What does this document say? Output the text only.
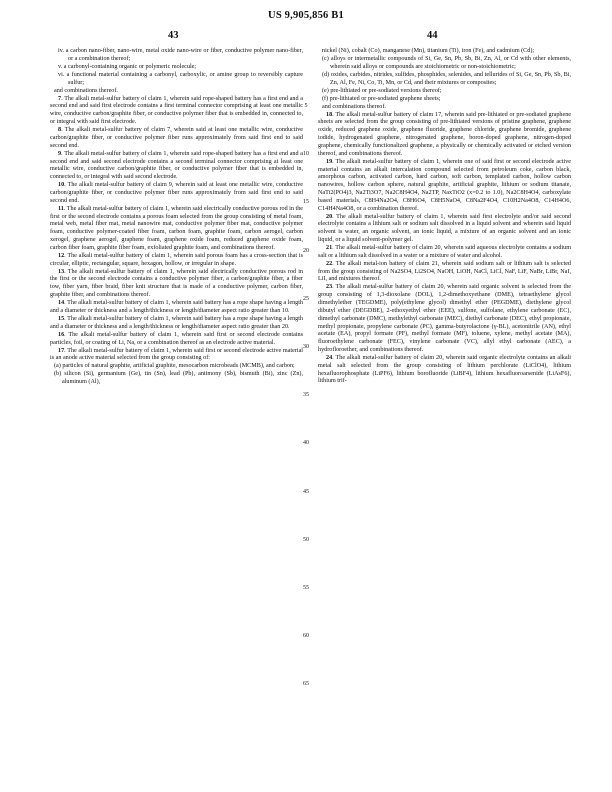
US 9,905,856 B1
43	44

iv. a carbon nano-fiber, nano-wire, metal oxide nano-wire or fiber, conductive polymer nano-fiber, or a combination thereof;

v. a carbonyl-containing organic or polymeric molecule;

vi. a functional material containing a carbonyl, carboxylic, or amine group to reversibly capture sulfur;

and combinations thereof.

7. The alkali metal-sulfur battery of claim 1, wherein said rope-shaped battery has a first end and a second end and said first electrode contains a first terminal connector comprising at least one metallic wire, conductive carbon/graphite fiber, or conductive polymer fiber that is embedded in, connected to, or integral with said first electrode.

8. The alkali metal-sulfur battery of claim 7, wherein said at least one metallic wire, conductive carbon/graphite fiber, or conductive polymer fiber runs approximately from said first end to said second end.

9. The alkali metal-sulfur battery of claim 1, wherein said rope-shaped battery has a first end and a second end and said second electrode contains a second terminal connector comprising at least one metallic wire, conductive carbon/graphite fiber, or conductive polymer fiber that is embedded in, connected to, or integral with said second electrode.

10. The alkali metal-sulfur battery of claim 9, wherein said at least one metallic wire, conductive carbon/graphite fiber, or conductive polymer fiber runs approximately from said first end to said second end.

11. The alkali metal-sulfur battery of claim 1, wherein said electrically conductive porous rod in the first or the second electrode contains a porous foam selected from the group consisting of metal foam, metal web, metal fiber mat, metal nanowire mat, conductive polymer fiber mat, conductive polymer foam, conductive polymer-coated fiber foam, carbon foam, graphite foam, carbon aerogel, carbon xerogel, graphene aerogel, graphene foam, graphene oxide foam, reduced graphene oxide foam, carbon fiber foam, graphite fiber foam, exfoliated graphite foam, and combinations thereof.

12. The alkali metal-sulfur battery of claim 1, wherein said porous foam has a cross-section that is circular, elliptic, rectangular, square, hexagon, hollow, or irregular in shape.

13. The alkali metal-sulfur battery of claim 1, wherein said electrically conductive porous rod in the first or the second electrode contains a conductive polymer fiber, a carbon/graphite fiber, a fiber tow, fiber yarn, fiber braid, fiber knit structure that is made of a conductive polymer, carbon fiber, graphite fiber, and combinations thereof.

14. The alkali metal-sulfur battery of claim 1, wherein said battery has a rope shape having a length and a diameter or thickness and a length/thickness or length/diameter aspect ratio greater than 10.

15. The alkali metal-sulfur battery of claim 1, wherein said battery has a rope shape having a length and a diameter or thickness and a length/thickness or length/diameter aspect ratio greater than 20.

16. The alkali metal-sulfur battery of claim 1, wherein said first or second electrode contains particles, foil, or coating of Li, Na, or a combination thereof as an electrode active material.

17. The alkali metal-sulfur battery of claim 1, wherein said first or second electrode active material is an anode active material selected from the group consisting of:

(a) particles of natural graphite, artificial graphite, mesocarbon microbeads (MCMB), and carbon;

(b) silicon (Si), germanium (Ge), tin (Sn), lead (Pb), antimony (Sb), bismuth (Bi), zinc (Zn), aluminum (Al),

nickel (Ni), cobalt (Co), manganese (Mn), titanium (Ti), iron (Fe), and cadmium (Cd);

(c) alloys or intermetallic compounds of Si, Ge, Sn, Pb, Sb, Bi, Zn, Al, or Cd with other elements, wherein said alloys or compounds are stoichiometric or non-stoichiometric;

(d) oxides, carbides, nitrides, sulfides, phosphides, selenides, and tellurides of Si, Ge, Sn, Pb, Sb, Bi, Zn, Al, Fe, Ni, Co, Ti, Mn, or Cd, and their mixtures or composites;

(e) pre-lithiated or pre-sodiated versions thereof;

(f) pre-lithiated or pre-sodiated graphene sheets;

and combinations thereof.

18. The alkali metal-sulfur battery of claim 17, wherein said pre-lithiated or pre-sodiated graphene sheets are selected from the group consisting of pre-lithiated versions of pristine graphene, graphene oxide, reduced graphene oxide, graphene fluoride, graphene chloride, graphene bromide, graphene iodide, hydrogenated graphene, nitrogenated graphene, boron-doped graphene, nitrogen-doped graphene, chemically functionalized graphene, a physically or chemically activated or etched version thereof, and combinations thereof.

19. The alkali metal-sulfur battery of claim 1, wherein one of said first or second electrode active material contains an alkali intercalation compound selected from petroleum coke, carbon black, amorphous carbon, activated carbon, hard carbon, soft carbon, templated carbon, hollow carbon nanowires, hollow carbon sphere, natural graphite, artificial graphite, lithium or sodium titanate, NaTi2(PO4)3, Na2Ti3O7, Na2C8H4O4, Na2TP, NaxTiO2 (x=0.2 to 1.0), Na2C8H4O4, carboxylate based materials, C8H4Na2O4, C8H6O4, C8H5NaO4, C8Na2F4O4, C10H2Na4O8, C14H4O6, C14H4Na4O8, or a combination thereof.

20. The alkali metal-sulfur battery of claim 1, wherein said first electrolyte and/or said second electrolyte contains a lithium salt or sodium salt dissolved in a liquid solvent and wherein said liquid solvent is water, an organic solvent, an ionic liquid, a mixture of an organic solvent and an ionic liquid, or a liquid solvent-polymer gel.

21. The alkali metal-sulfur battery of claim 20, wherein said aqueous electrolyte contains a sodium salt or a lithium salt dissolved in a water or a mixture of water and alcohol.

22. The alkali metal-ion battery of claim 21, wherein said sodium salt or lithium salt is selected from the group consisting of Na2SO4, Li2SO4, NaOH, LiOH, NaCl, LiCl, NaF, LiF, NaBr, LiBr, NaI, LiI, and mixtures thereof.

23. The alkali metal-sulfur battery of claim 20, wherein said organic solvent is selected from the group consisting of 1,3-dioxolane (DOL), 1,2-dimethoxyethane (DME), tetraethylene glycol dimethylether (TEGDME), poly(ethylene glycol) dimethyl ether (PEGDME), diethylene glycol dibutyl ether (DEGDBE), 2-ethoxyethyl ether (EEE), sulfone, sulfolane, ethylene carbonate (EC), dimethyl carbonate (DMC), methylethyl carbonate (MEC), diethyl carbonate (DEC), ethyl propionate, methyl propionate, propylene carbonate (PC), gamma-butyrolactone (γ-BL), acetonitrile (AN), ethyl acetate (EA), propyl formate (PF), methyl formate (MF), toluene, xylene, methyl acetate (MA), fluoroethylene carbonate (FEC), vinylene carbonate (VC), allyl ethyl carbonate (AEC), a hydrofloroether, and combinations thereof.

24. The alkali metal-sulfur battery of claim 20, wherein said organic electrolyte contains an alkali metal salt selected from the group consisting of lithium perchlorate (LiClO4), lithium hexafluorophosphate (LiPF6), lithium borofluoride (LiBF4), lithium hexafluoroarsenide (LiAsF6), lithium trif-

5
10
15
20
25
30
35
40
45
50
55
60
65
